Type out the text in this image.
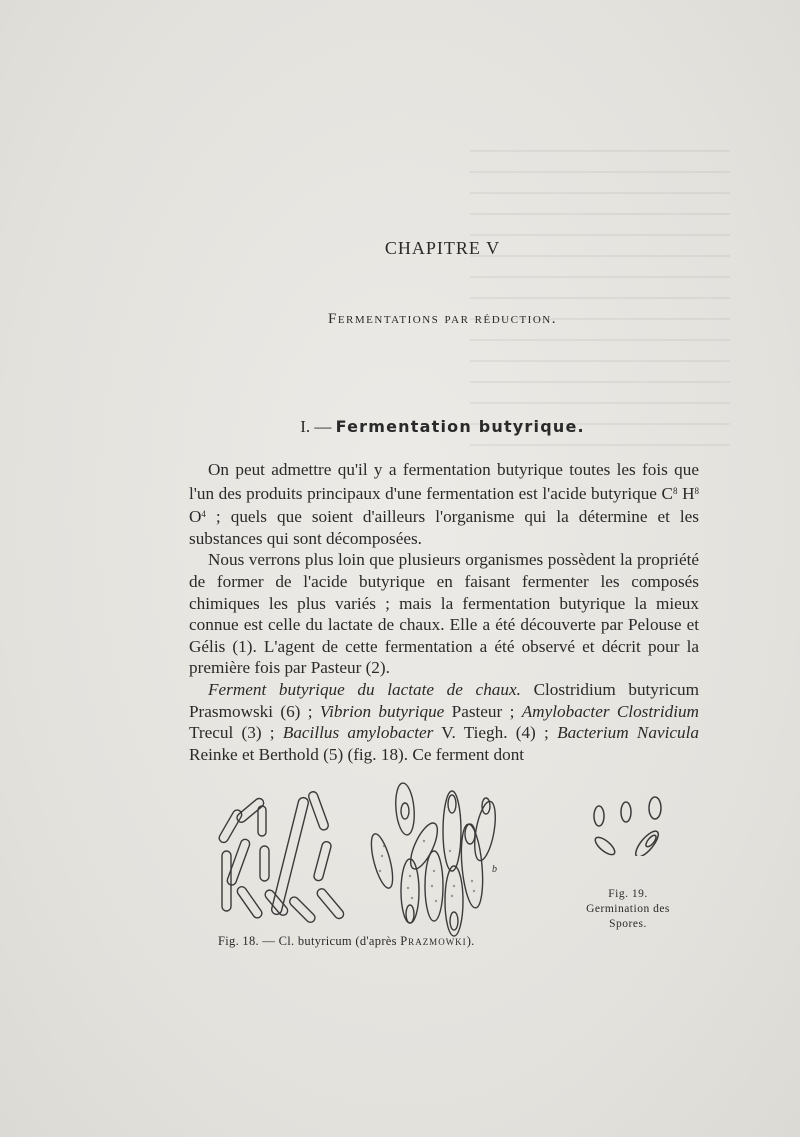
CHAPITRE V
Fermentations par réduction.
I. — Fermentation butyrique.

On peut admettre qu'il y a fermentation butyrique toutes les fois que l'un des produits principaux d'une fermentation est l'acide butyrique $C^8$ $H^8$ $O^4$ ; quels que soient d'ailleurs l'organisme qui la détermine et les substances qui sont décomposées.

Nous verrons plus loin que plusieurs organismes possèdent la propriété de former de l'acide butyrique en faisant fermenter les composés chimiques les plus variés ; mais la fermentation butyrique la mieux connue est celle du lactate de chaux. Elle a été découverte par Pelouse et Gélis (1). L'agent de cette fermentation a été observé et décrit pour la première fois par Pasteur (2).

Ferment butyrique du lactate de chaux. Clostridium butyricum Prasmowski (6) ; Vibrion butyrique Pasteur ; Amylobacter Clostridium Trecul (3) ; Bacillus amylobacter V. Tiegh. (4) ; Bacterium Navicula Reinke et Berthold (5) (fig. 18). Ce ferment dont

b
Fig. 18. — Cl. butyricum (d'après Prazmowki).
Fig. 19.
Germination des
Spores.
